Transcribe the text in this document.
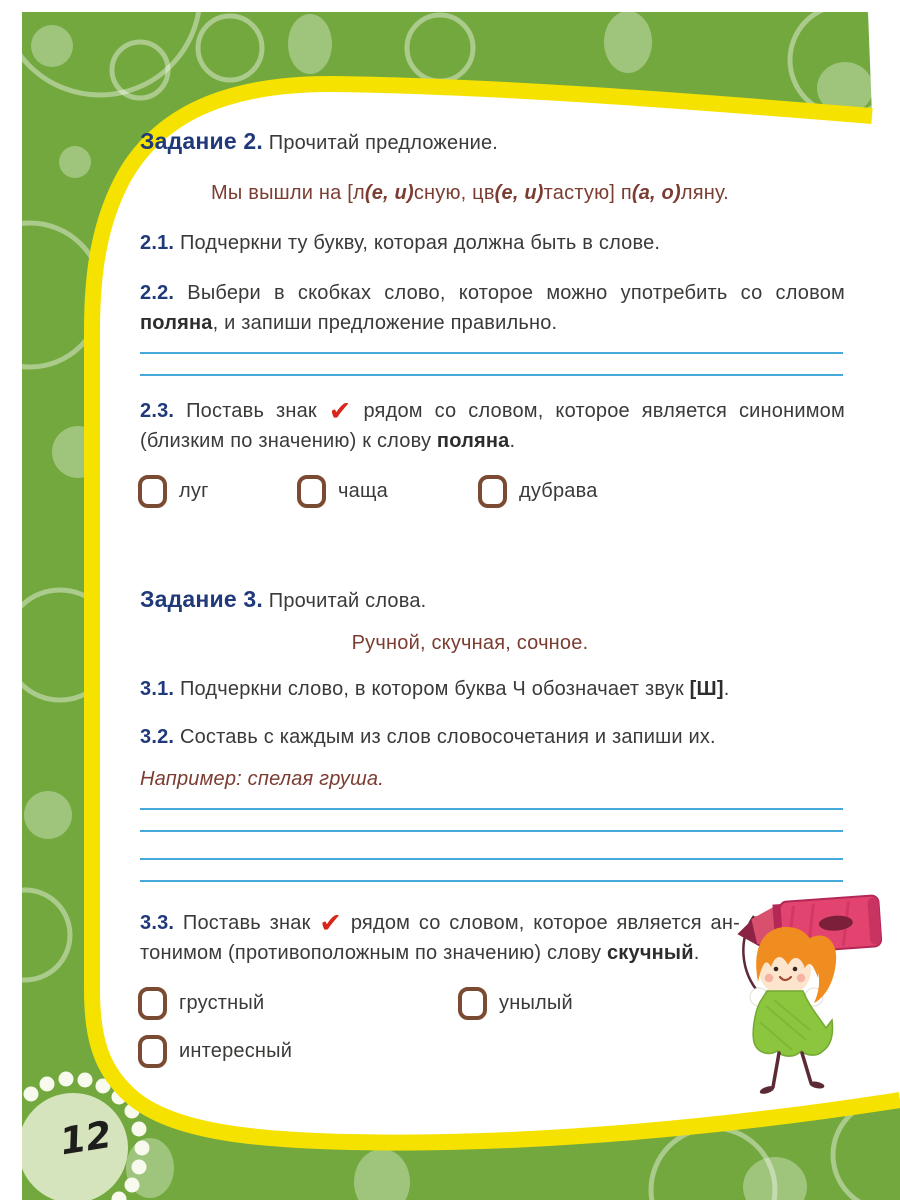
Задание 2. Прочитай предложение.
Мы вышли на [л(е, и)сную, цв(е, и)тастую] п(а, о)ляну.
2.1. Подчеркни ту букву, которая должна быть в слове.
2.2. Выбери в скобках слово, которое можно употребить со словом
поляна, и запиши предложение правильно.
2.3. Поставь знак ✔ рядом со словом, которое является синонимом
(близким по значению) к слову поляна.
луг	чаща	дубрава
Задание 3. Прочитай слова.
Ручной, скучная, сочное.
3.1. Подчеркни слово, в котором буква Ч обозначает звук [Ш].
3.2. Составь с каждым из слов словосочетания и запиши их.
Например: спелая груша.
3.3. Поставь знак ✔ рядом со словом, которое является ан-
тонимом (противоположным по значению) слову скучный.
грустный	унылый
интересный
12
